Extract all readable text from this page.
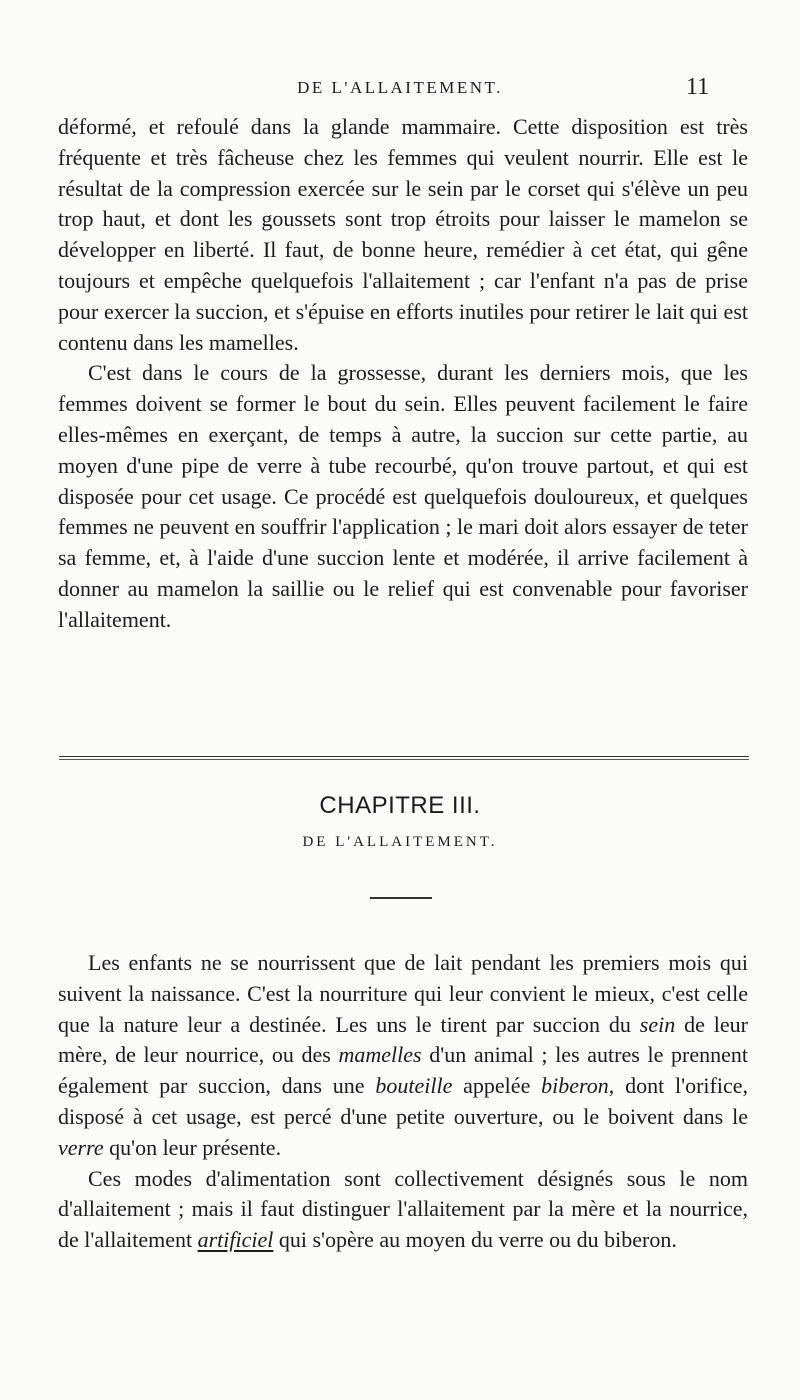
DE L'ALLAITEMENT.	11

déformé, et refoulé dans la glande mammaire. Cette disposition est très fréquente et très fâcheuse chez les femmes qui veulent nourrir. Elle est le résultat de la compression exercée sur le sein par le corset qui s'élève un peu trop haut, et dont les goussets sont trop étroits pour laisser le mamelon se développer en liberté. Il faut, de bonne heure, remédier à cet état, qui gêne toujours et empêche quelquefois l'allaitement ; car l'enfant n'a pas de prise pour exercer la succion, et s'épuise en efforts inutiles pour retirer le lait qui est contenu dans les mamelles.

C'est dans le cours de la grossesse, durant les derniers mois, que les femmes doivent se former le bout du sein. Elles peuvent facilement le faire elles-mêmes en exerçant, de temps à autre, la succion sur cette partie, au moyen d'une pipe de verre à tube recourbé, qu'on trouve partout, et qui est disposée pour cet usage. Ce procédé est quelquefois douloureux, et quelques femmes ne peuvent en souffrir l'application ; le mari doit alors essayer de teter sa femme, et, à l'aide d'une succion lente et modérée, il arrive facilement à donner au mamelon la saillie ou le relief qui est convenable pour favoriser l'allaitement.

CHAPITRE III.
DE L'ALLAITEMENT.

Les enfants ne se nourrissent que de lait pendant les premiers mois qui suivent la naissance. C'est la nourriture qui leur convient le mieux, c'est celle que la nature leur a destinée. Les uns le tirent par succion du sein de leur mère, de leur nourrice, ou des mamelles d'un animal ; les autres le prennent également par succion, dans une bouteille appelée biberon, dont l'orifice, disposé à cet usage, est percé d'une petite ouverture, ou le boivent dans le verre qu'on leur présente.

Ces modes d'alimentation sont collectivement désignés sous le nom d'allaitement ; mais il faut distinguer l'allaitement par la mère et la nourrice, de l'allaitement artificiel qui s'opère au moyen du verre ou du biberon.
